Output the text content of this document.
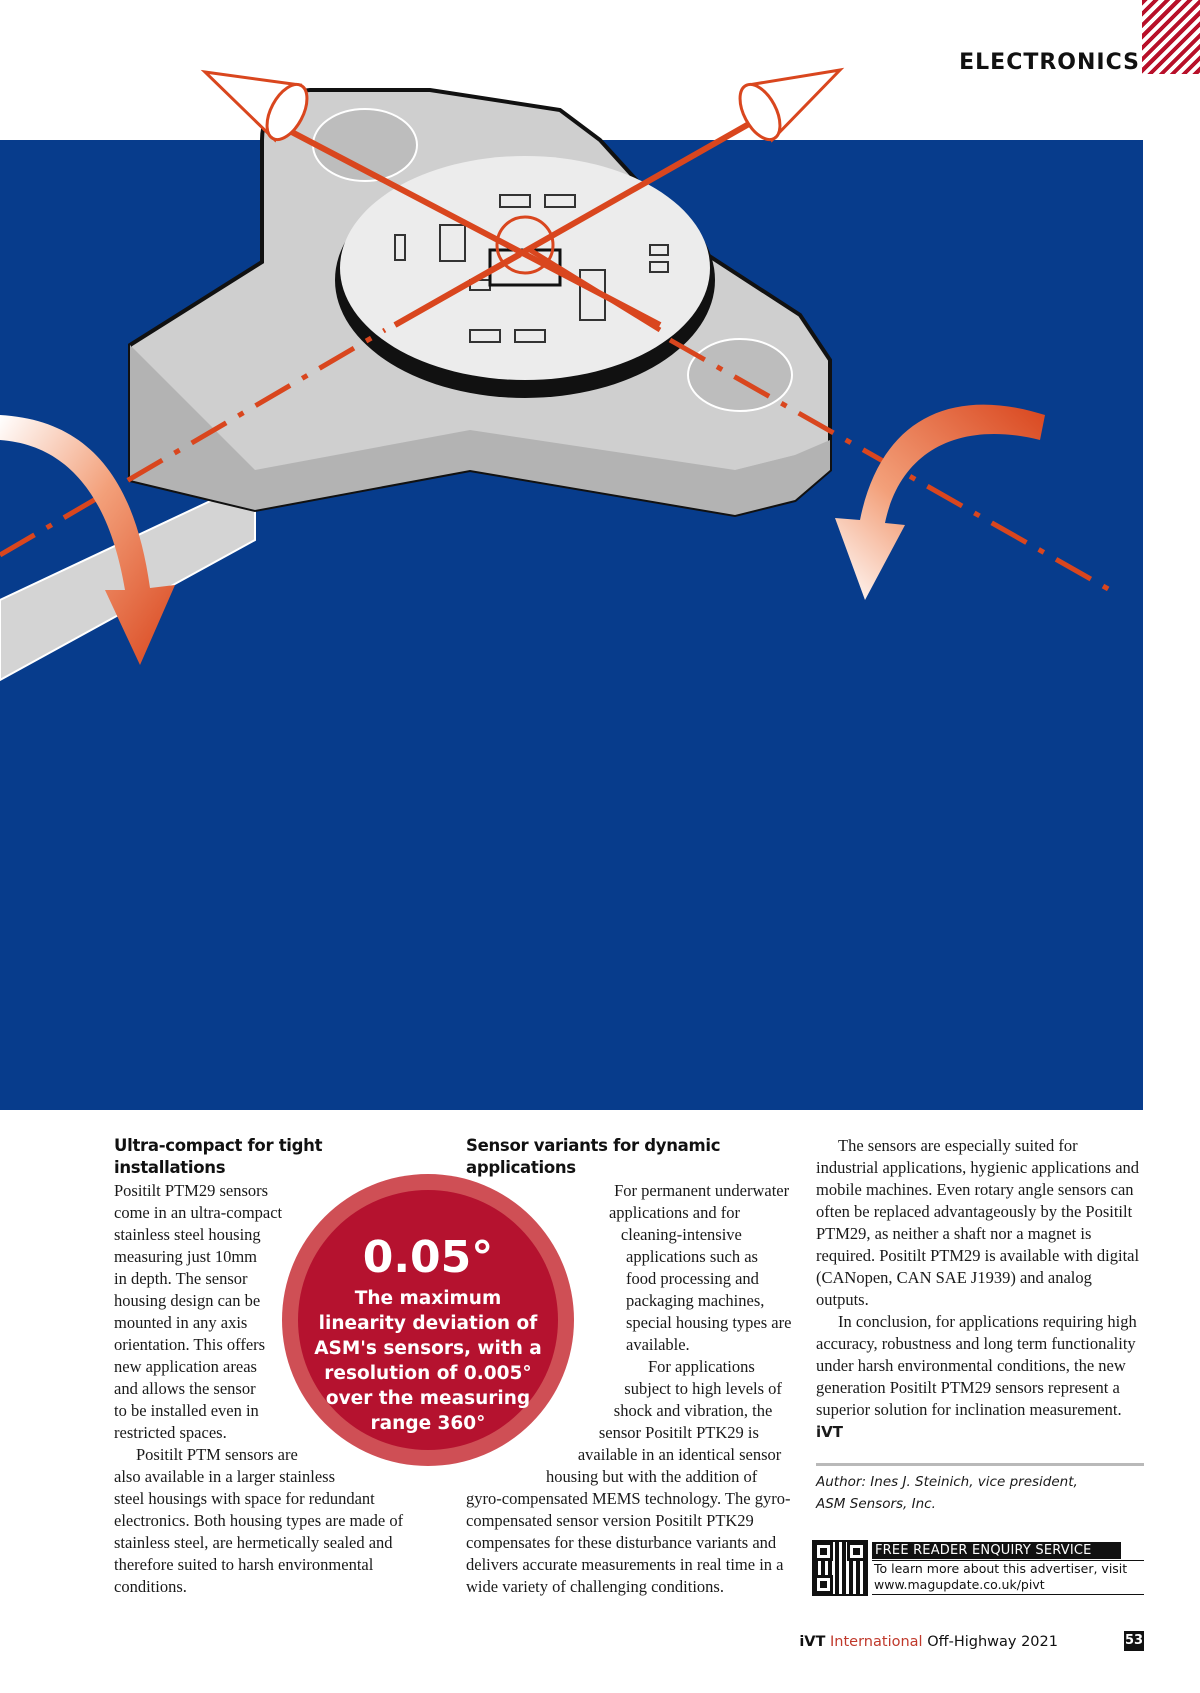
ELECTRONICS
Ultra-compact for tight installations

Positilt PTM29 sensors come in an ultra-compact stainless steel housing measuring just 10mm in depth. The sensor housing design can be mounted in any axis orientation. This offers new application areas and allows the sensor to be installed even in restricted spaces.

Positilt PTM sensors are also available in a larger stainless steel housings with space for redundant electronics. Both housing types are made of stainless steel, are hermetically sealed and therefore suited to harsh environmental conditions.

Sensor variants for dynamic applications

For permanent underwater applications and for cleaning-intensive applications such as food processing and packaging machines, special housing types are available.

For applications subject to high levels of shock and vibration, the sensor Positilt PTK29 is available in an identical sensor housing but with the addition of gyro-compensated MEMS technology. The gyro-compensated sensor version Positilt PTK29 compensates for these disturbance variants and delivers accurate measurements in real time in a wide variety of challenging conditions.

The sensors are especially suited for industrial applications, hygienic applications and mobile machines. Even rotary angle sensors can often be replaced advantageously by the Positilt PTM29, as neither a shaft nor a magnet is required. Positilt PTM29 is available with digital (CANopen, CAN SAE J1939) and analog outputs.

In conclusion, for applications requiring high accuracy, robustness and long term functionality under harsh environmental conditions, the new generation Positilt PTM29 sensors represent a superior solution for inclination measurement. iVT

0.05°
The maximum linearity deviation of ASM's sensors, with a resolution of 0.005° over the measuring range 360°
Author: Ines J. Steinich, vice president,
ASM Sensors, Inc.
FREE READER ENQUIRY SERVICE
To learn more about this advertiser, visit
www.magupdate.co.uk/pivt
iVT International Off-Highway 2021	53
